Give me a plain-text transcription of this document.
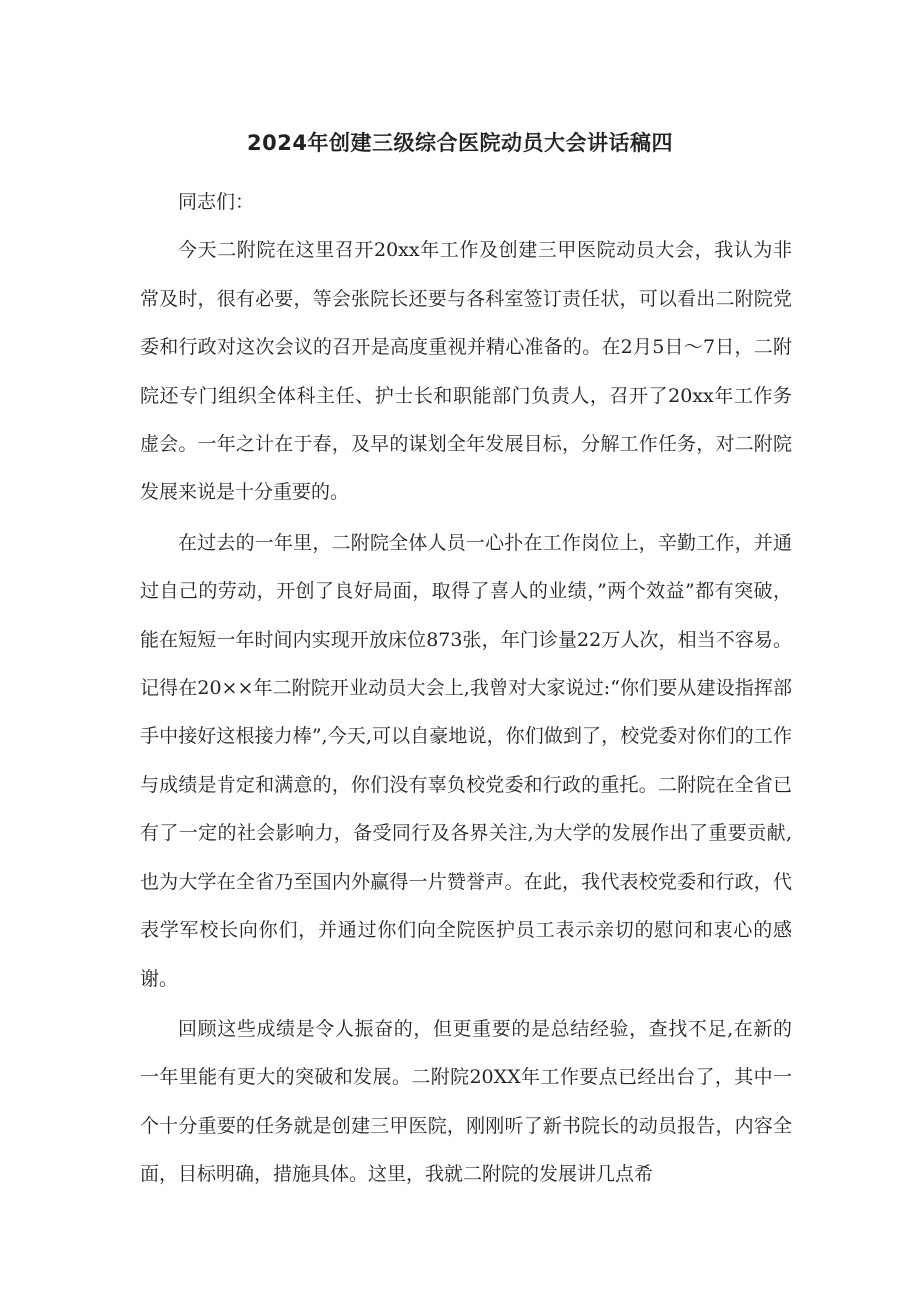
2024年创建三级综合医院动员大会讲话稿四

同志们：

今天二附院在这里召开20xx年工作及创建三甲医院动员大会，我认为非常及时，很有必要，等会张院长还要与各科室签订责任状，可以看出二附院党委和行政对这次会议的召开是高度重视并精心准备的。在2月5日～7日，二附院还专门组织全体科主任、护士长和职能部门负责人，召开了20xx年工作务虚会。一年之计在于春，及早的谋划全年发展目标，分解工作任务，对二附院发展来说是十分重要的。

在过去的一年里，二附院全体人员一心扑在工作岗位上，辛勤工作，并通过自己的劳动，开创了良好局面，取得了喜人的业绩，”两个效益”都有突破，能在短短一年时间内实现开放床位873张，年门诊量22万人次，相当不容易。记得在20××年二附院开业动员大会上,我曾对大家说过:“你们要从建设指挥部手中接好这根接力棒”,今天,可以自豪地说，你们做到了，校党委对你们的工作与成绩是肯定和满意的，你们没有辜负校党委和行政的重托。二附院在全省已有了一定的社会影响力，备受同行及各界关注,为大学的发展作出了重要贡献,也为大学在全省乃至国内外赢得一片赞誉声。在此，我代表校党委和行政，代表学军校长向你们，并通过你们向全院医护员工表示亲切的慰问和衷心的感谢。

回顾这些成绩是令人振奋的，但更重要的是总结经验，查找不足,在新的一年里能有更大的突破和发展。二附院20XX年工作要点已经出台了，其中一个十分重要的任务就是创建三甲医院，刚刚听了新书院长的动员报告，内容全面，目标明确，措施具体。这里，我就二附院的发展讲几点希
